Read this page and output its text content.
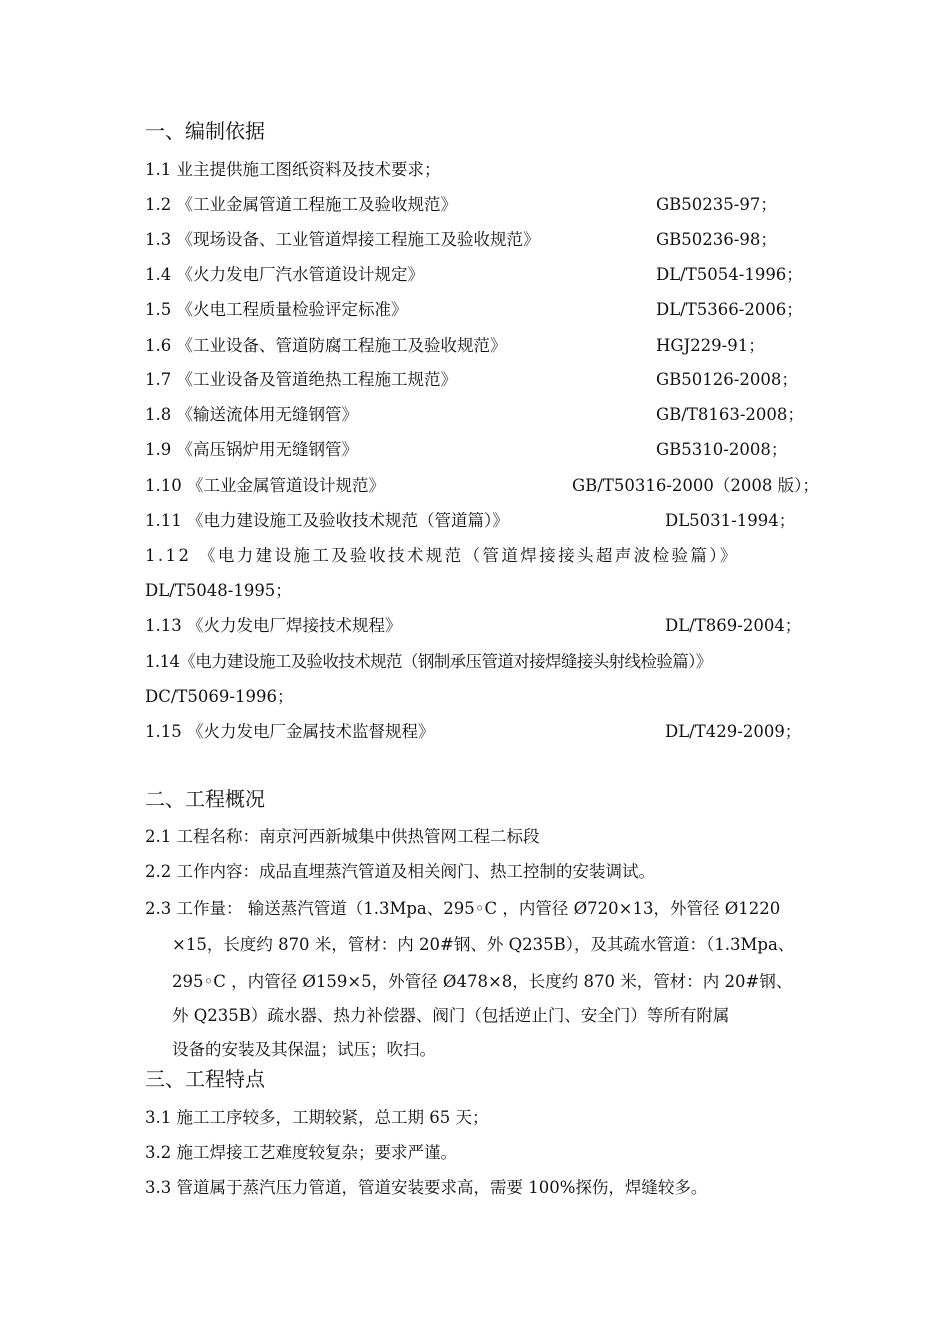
一、编制依据
1.1 业主提供施工图纸资料及技术要求；
1.2 《工业金属管道工程施工及验收规范》	GB50235-97；
1.3 《现场设备、工业管道焊接工程施工及验收规范》	GB50236-98；
1.4 《火力发电厂汽水管道设计规定》	DL/T5054-1996；
1.5 《火电工程质量检验评定标准》	DL/T5366-2006；
1.6 《工业设备、管道防腐工程施工及验收规范》	HGJ229-91；
1.7 《工业设备及管道绝热工程施工规范》	GB50126-2008；
1.8 《输送流体用无缝钢管》	GB/T8163-2008；
1.9 《高压锅炉用无缝钢管》	GB5310-2008；
1.10 《工业金属管道设计规范》	GB/T50316-2000（2008 版）；
1.11 《电力建设施工及验收技术规范（管道篇）》	DL5031-1994；
1.12 《电力建设施工及验收技术规范（管道焊接接头超声波检验篇）》
DL/T5048-1995；
1.13 《火力发电厂焊接技术规程》	DL/T869-2004；
1.14《电力建设施工及验收技术规范（钢制承压管道对接焊缝接头射线检验篇）》
DC/T5069-1996；
1.15 《火力发电厂金属技术监督规程》	DL/T429-2009；
二、工程概况
2.1 工程名称：南京河西新城集中供热管网工程二标段
2.2 工作内容：成品直埋蒸汽管道及相关阀门、热工控制的安装调试。
2.3 工作量： 输送蒸汽管道（1.3Mpa、295◦C ，内管径 Ø720×13，外管径 Ø1220
×15，长度约 870 米，管材：内 20#钢、外 Q235B），及其疏水管道：（1.3Mpa、
295◦C ，内管径 Ø159×5，外管径 Ø478×8，长度约 870 米，管材：内 20#钢、
外 Q235B）疏水器、热力补偿器、阀门（包括逆止门、安全门）等所有附属
设备的安装及其保温；试压；吹扫。
三、工程特点
3.1 施工工序较多，工期较紧，总工期 65 天；
3.2 施工焊接工艺难度较复杂；要求严谨。
3.3 管道属于蒸汽压力管道，管道安装要求高，需要 100%探伤，焊缝较多。
